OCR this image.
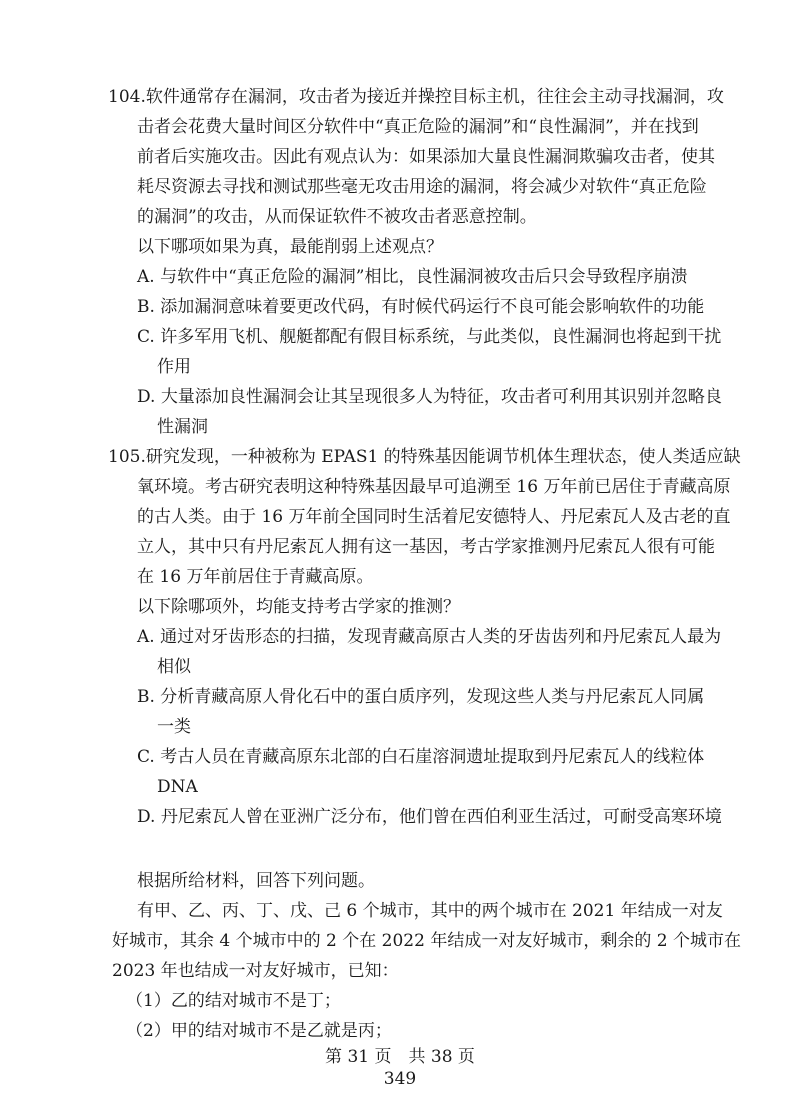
104.软件通常存在漏洞，攻击者为接近并操控目标主机，往往会主动寻找漏洞，攻
击者会花费大量时间区分软件中“真正危险的漏洞”和“良性漏洞”，并在找到
前者后实施攻击。因此有观点认为：如果添加大量良性漏洞欺骗攻击者，使其
耗尽资源去寻找和测试那些毫无攻击用途的漏洞，将会减少对软件“真正危险
的漏洞”的攻击，从而保证软件不被攻击者恶意控制。
以下哪项如果为真，最能削弱上述观点？
A. 与软件中“真正危险的漏洞”相比，良性漏洞被攻击后只会导致程序崩溃
B. 添加漏洞意味着要更改代码，有时候代码运行不良可能会影响软件的功能
C. 许多军用飞机、舰艇都配有假目标系统，与此类似，良性漏洞也将起到干扰
作用
D. 大量添加良性漏洞会让其呈现很多人为特征，攻击者可利用其识别并忽略良
性漏洞
105.研究发现，一种被称为 EPAS1 的特殊基因能调节机体生理状态，使人类适应缺
氧环境。考古研究表明这种特殊基因最早可追溯至 16 万年前已居住于青藏高原
的古人类。由于 16 万年前全国同时生活着尼安德特人、丹尼索瓦人及古老的直
立人，其中只有丹尼索瓦人拥有这一基因，考古学家推测丹尼索瓦人很有可能
在 16 万年前居住于青藏高原。
以下除哪项外，均能支持考古学家的推测？
A. 通过对牙齿形态的扫描，发现青藏高原古人类的牙齿齿列和丹尼索瓦人最为
相似
B. 分析青藏高原人骨化石中的蛋白质序列，发现这些人类与丹尼索瓦人同属
一类
C. 考古人员在青藏高原东北部的白石崖溶洞遗址提取到丹尼索瓦人的线粒体
DNA
D. 丹尼索瓦人曾在亚洲广泛分布，他们曾在西伯利亚生活过，可耐受高寒环境
根据所给材料，回答下列问题。
有甲、乙、丙、丁、戊、己 6 个城市，其中的两个城市在 2021 年结成一对友
好城市，其余 4 个城市中的 2 个在 2022 年结成一对友好城市，剩余的 2 个城市在
2023 年也结成一对友好城市，已知：
（1）乙的结对城市不是丁；
（2）甲的结对城市不是乙就是丙；
第 31 页　共 38 页
349
